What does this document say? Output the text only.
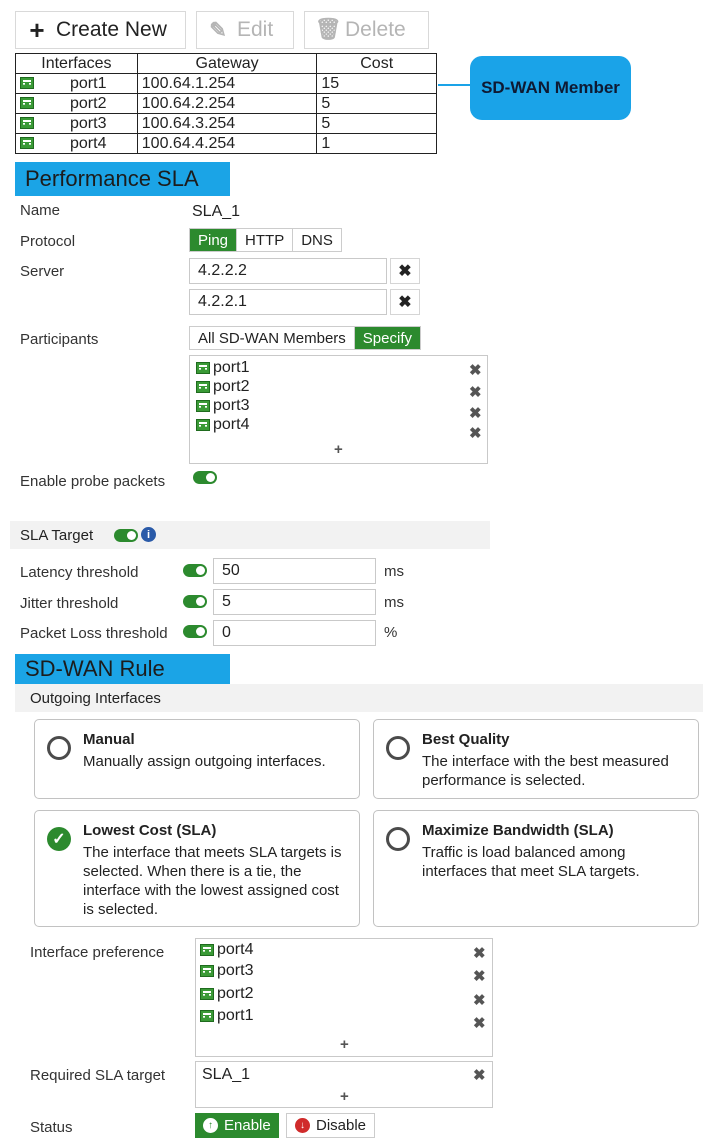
+ Create New ✎ Edit 🗑 Delete
Interfaces	Gateway	Cost
port1	100.64.1.254	15
port2	100.64.2.254	5
port3	100.64.3.254	5
port4	100.64.4.254	1
SD-WAN Member
Performance SLA
Name	SLA_1
Protocol	Ping	HTTP	DNS
Server	4.2.2.2	✖
4.2.2.1	✖
Participants	All SD-WAN Members	Specify
port1
port2
port3
port4
✖
✖
✖
✖
+
Enable probe packets
SLA Target	i
Latency threshold	50	ms
Jitter threshold	5	ms
Packet Loss threshold	0	%
SD-WAN Rule
Outgoing Interfaces
Manual
Manually assign outgoing interfaces.
Best Quality
The interface with the best measured performance is selected.
✓
Lowest Cost (SLA)
The interface that meets SLA targets is selected. When there is a tie, the interface with the lowest assigned cost is selected.
Maximize Bandwidth (SLA)
Traffic is load balanced among interfaces that meet SLA targets.
Interface preference	port4
port3
port2
port1
✖
✖
✖
✖
+
Required SLA target SLA_1	✖
+
Status	↑ Enable	↓ Disable
